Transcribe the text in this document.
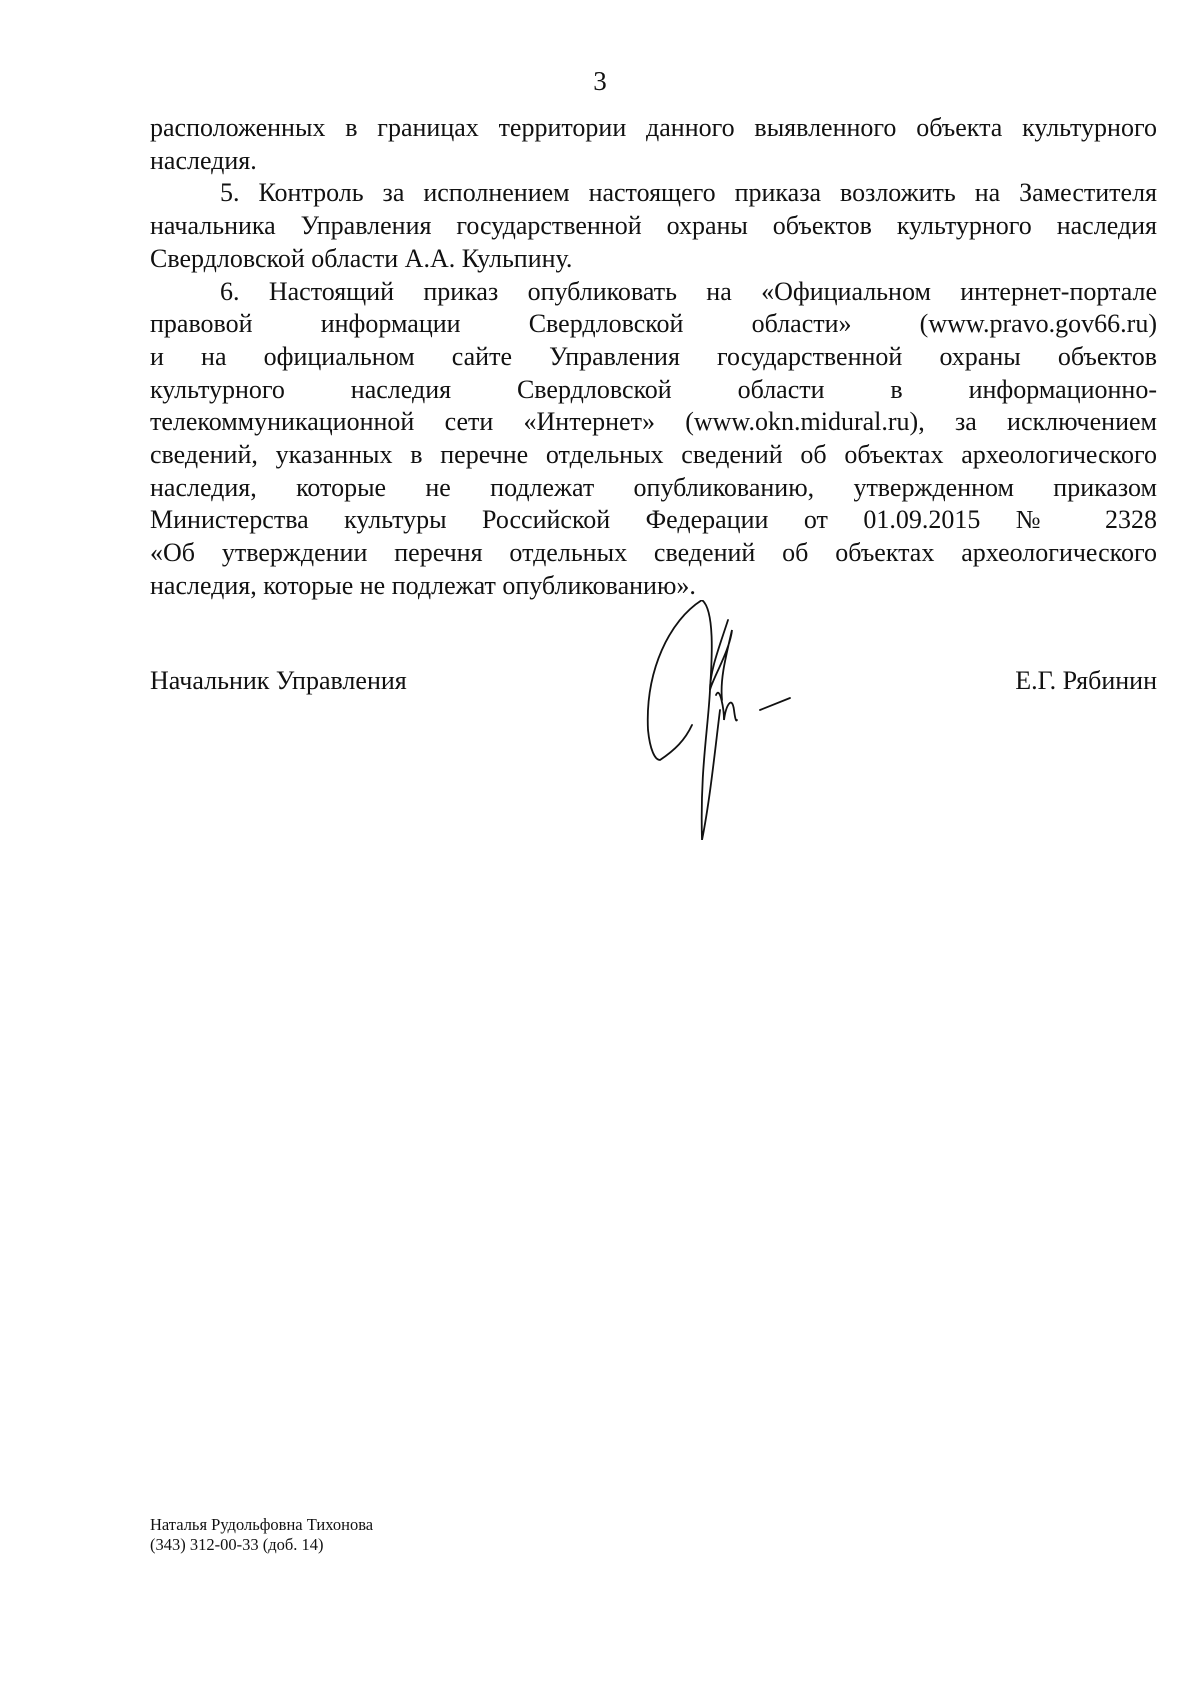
3
расположенных в границах территории данного выявленного объекта культурного
наследия.
5. Контроль за исполнением настоящего приказа возложить на Заместителя
начальника Управления государственной охраны объектов культурного наследия
Свердловской области А.А. Кульпину.
6. Настоящий приказ опубликовать на «Официальном интернет-портале
правовой информации Свердловской области» (www.pravo.gov66.ru)
и на официальном сайте Управления государственной охраны объектов
культурного наследия Свердловской области в информационно-
телекоммуникационной сети «Интернет» (www.okn.midural.ru), за исключением
сведений, указанных в перечне отдельных сведений об объектах археологического
наследия, которые не подлежат опубликованию, утвержденном приказом
Министерства культуры Российской Федерации от 01.09.2015 № 2328
«Об утверждении перечня отдельных сведений об объектах археологического
наследия, которые не подлежат опубликованию».
Начальник Управления	Е.Г. Рябинин
Наталья Рудольфовна Тихонова
(343) 312-00-33 (доб. 14)
